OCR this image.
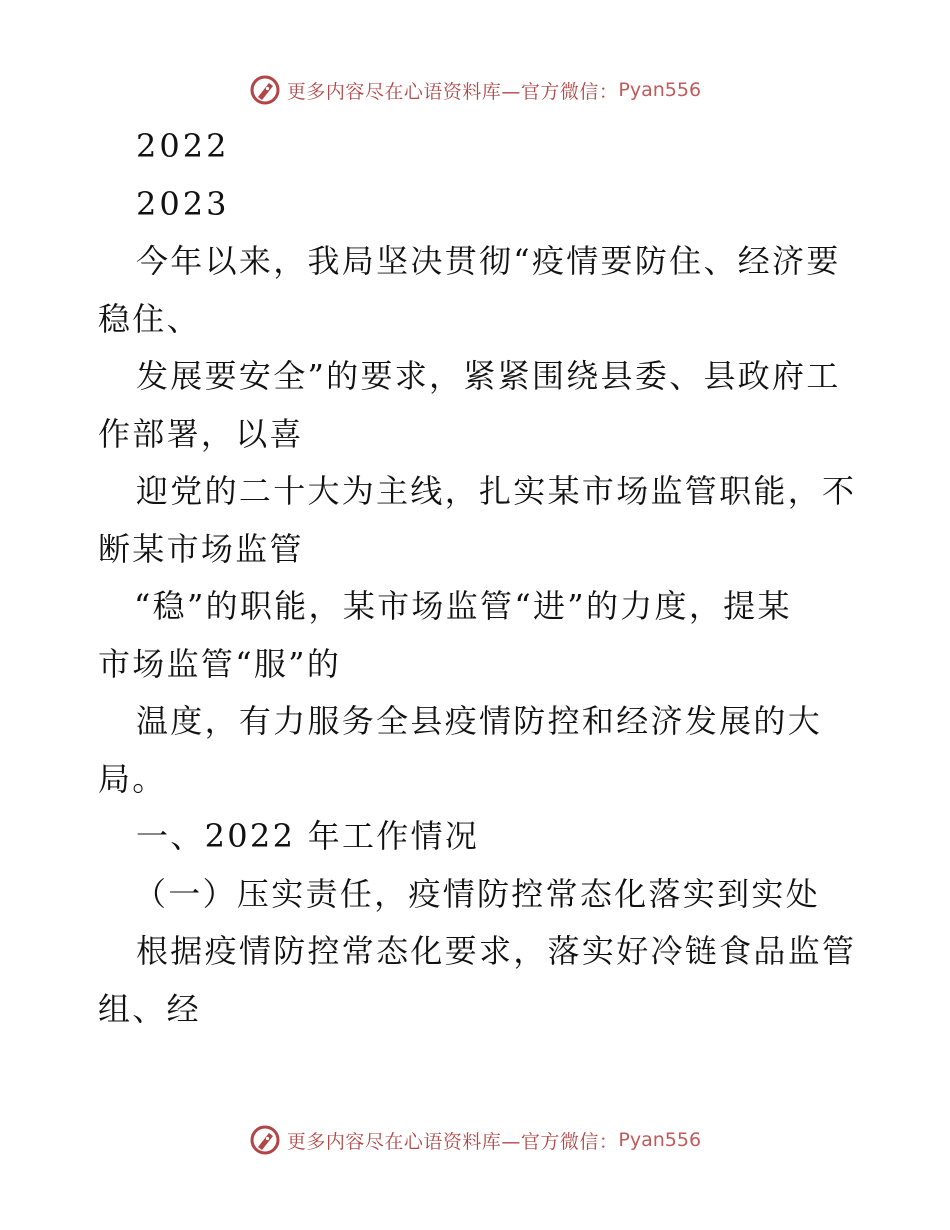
更多内容尽在心语资料库—官方微信： Pyan556
2022
2023
今年以来，我局坚决贯彻“疫情要防住、经济要
稳住、
发展要安全”的要求，紧紧围绕县委、县政府工
作部署，以喜
迎党的二十大为主线，扎实某市场监管职能，不
断某市场监管
“稳”的职能，某市场监管“进”的力度，提某
市场监管“服”的
温度，有力服务全县疫情防控和经济发展的大
局。
一、2022 年工作情况
（一）压实责任，疫情防控常态化落实到实处
根据疫情防控常态化要求，落实好冷链食品监管
组、经
更多内容尽在心语资料库—官方微信： Pyan556
